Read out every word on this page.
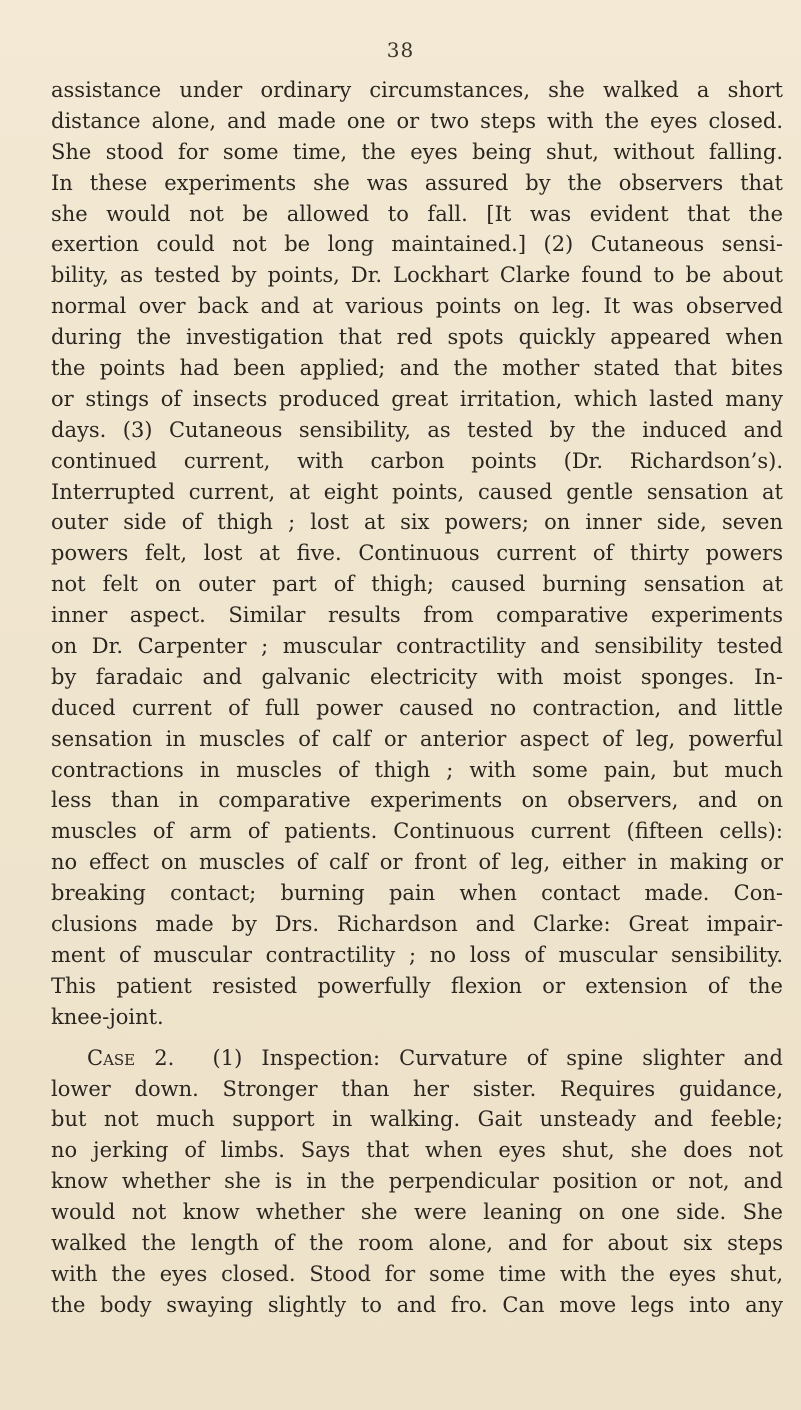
38
assistance under ordinary circumstances, she walked a short
distance alone, and made one or two steps with the eyes closed.
She stood for some time, the eyes being shut, without falling.
In these experiments she was assured by the observers that
she would not be allowed to fall. [It was evident that the
exertion could not be long maintained.] (2) Cutaneous sensi-
bility, as tested by points, Dr. Lockhart Clarke found to be about
normal over back and at various points on leg. It was observed
during the investigation that red spots quickly appeared when
the points had been applied; and the mother stated that bites
or stings of insects produced great irritation, which lasted many
days. (3) Cutaneous sensibility, as tested by the induced and
continued current, with carbon points (Dr. Richardson’s).
Interrupted current, at eight points, caused gentle sensation at
outer side of thigh ; lost at six powers; on inner side, seven
powers felt, lost at five. Continuous current of thirty powers
not felt on outer part of thigh; caused burning sensation at
inner aspect. Similar results from comparative experiments
on Dr. Carpenter ; muscular contractility and sensibility tested
by faradaic and galvanic electricity with moist sponges. In-
duced current of full power caused no contraction, and little
sensation in muscles of calf or anterior aspect of leg, powerful
contractions in muscles of thigh ; with some pain, but much
less than in comparative experiments on observers, and on
muscles of arm of patients. Continuous current (fifteen cells):
no effect on muscles of calf or front of leg, either in making or
breaking contact; burning pain when contact made. Con-
clusions made by Drs. Richardson and Clarke: Great impair-
ment of muscular contractility ; no loss of muscular sensibility.
This patient resisted powerfully flexion or extension of the
knee-joint.
Case 2. (1) Inspection: Curvature of spine slighter and
lower down. Stronger than her sister. Requires guidance,
but not much support in walking. Gait unsteady and feeble;
no jerking of limbs. Says that when eyes shut, she does not
know whether she is in the perpendicular position or not, and
would not know whether she were leaning on one side. She
walked the length of the room alone, and for about six steps
with the eyes closed. Stood for some time with the eyes shut,
the body swaying slightly to and fro. Can move legs into any
